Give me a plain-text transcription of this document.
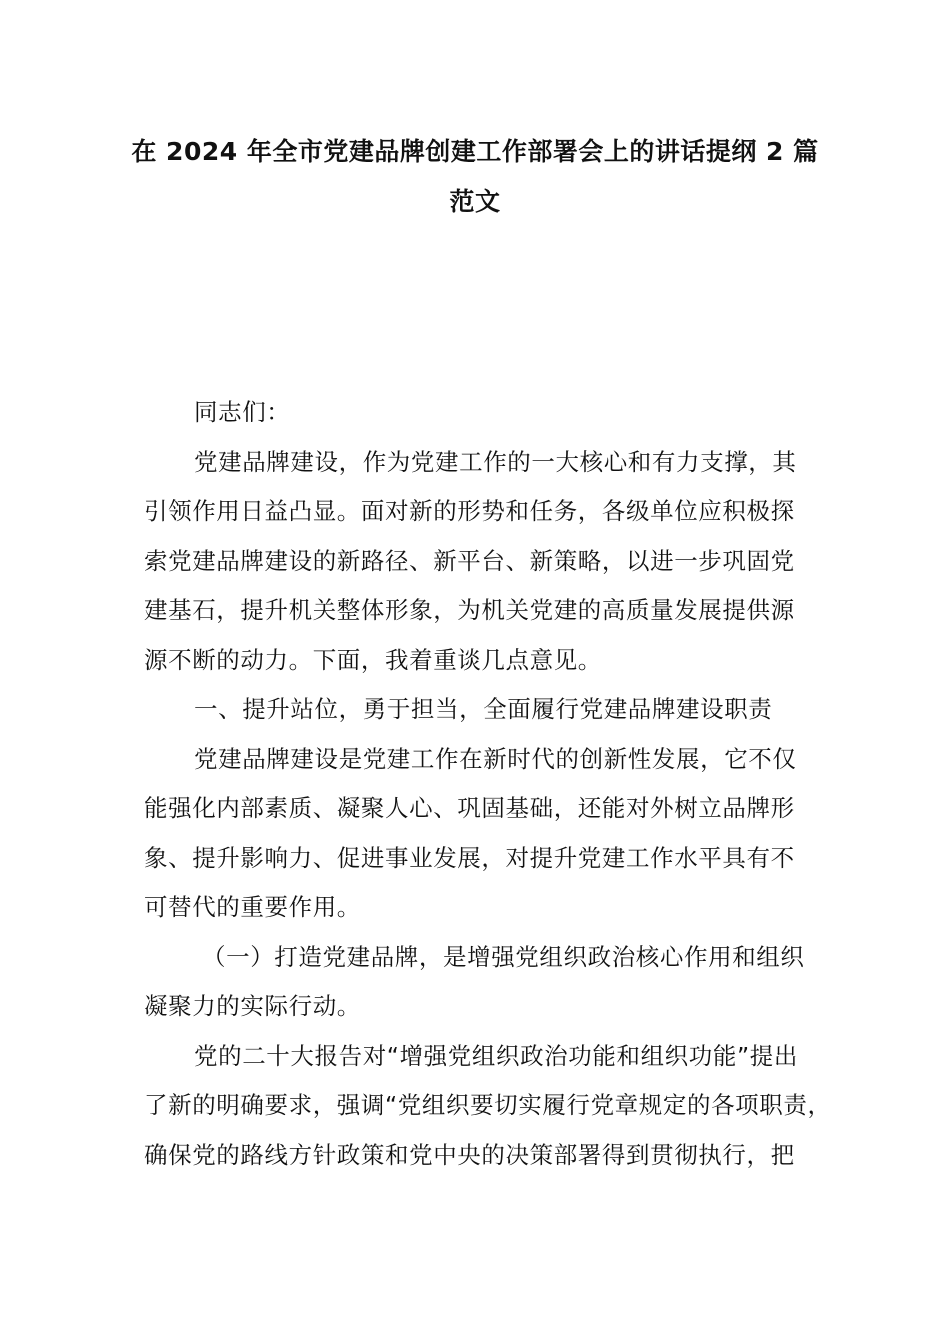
在 2024 年全市党建品牌创建工作部署会上的讲话提纲 2 篇
范文
同志们：
党建品牌建设，作为党建工作的一大核心和有力支撑，其
引领作用日益凸显。面对新的形势和任务，各级单位应积极探
索党建品牌建设的新路径、新平台、新策略，以进一步巩固党
建基石，提升机关整体形象，为机关党建的高质量发展提供源
源不断的动力。下面，我着重谈几点意见。
一、提升站位，勇于担当，全面履行党建品牌建设职责
党建品牌建设是党建工作在新时代的创新性发展，它不仅
能强化内部素质、凝聚人心、巩固基础，还能对外树立品牌形
象、提升影响力、促进事业发展，对提升党建工作水平具有不
可替代的重要作用。
（一）打造党建品牌，是增强党组织政治核心作用和组织
凝聚力的实际行动。
党的二十大报告对“增强党组织政治功能和组织功能”提出
了新的明确要求，强调“党组织要切实履行党章规定的各项职责，
确保党的路线方针政策和党中央的决策部署得到贯彻执行，把
